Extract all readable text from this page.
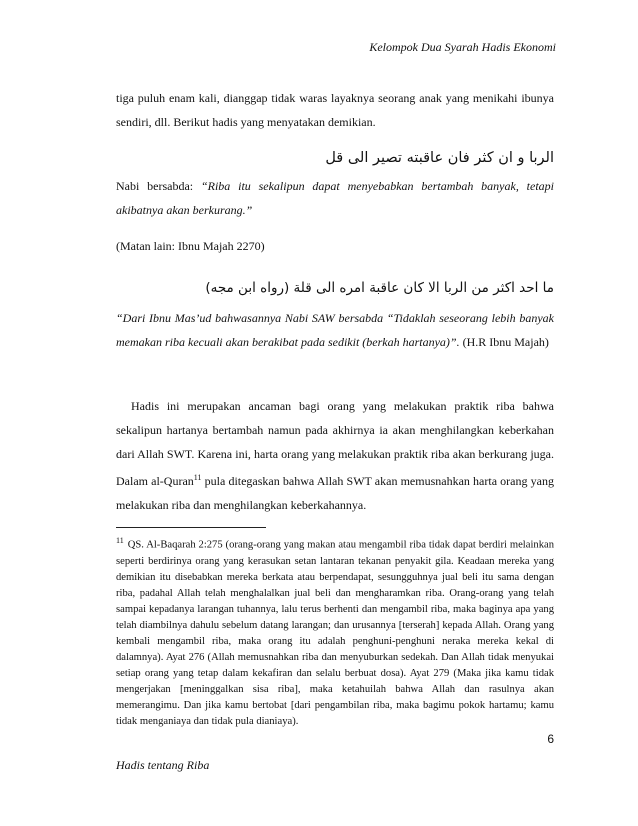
Kelompok Dua Syarah Hadis Ekonomi
tiga puluh enam kali, dianggap tidak waras layaknya seorang anak yang menikahi ibunya sendiri, dll. Berikut hadis yang menyatakan demikian.
الربا و ان كثر فان عاقبته تصير الى قل
Nabi bersabda: “Riba itu sekalipun dapat menyebabkan bertambah banyak, tetapi akibatnya akan berkurang.”
(Matan lain: Ibnu Majah 2270)
ما احد اكثر من الربا الا كان عاقبة امره الى قلة (رواه ابن مجه)
“Dari Ibnu Mas’ud bahwasannya Nabi SAW bersabda “Tidaklah seseorang lebih banyak memakan riba kecuali akan berakibat pada sedikit (berkah hartanya)”. (H.R Ibnu Majah)
Hadis ini merupakan ancaman bagi orang yang melakukan praktik riba bahwa sekalipun hartanya bertambah namun pada akhirnya ia akan menghilangkan keberkahan dari Allah SWT. Karena ini, harta orang yang melakukan praktik riba akan berkurang juga. Dalam al-Quran$^{11}$ pula ditegaskan bahwa Allah SWT akan memusnahkan harta orang yang melakukan riba dan menghilangkan keberkahannya.
$^{11}$ QS. Al-Baqarah 2:275 (orang-orang yang makan atau mengambil riba tidak dapat berdiri melainkan seperti berdirinya orang yang kerasukan setan lantaran tekanan penyakit gila. Keadaan mereka yang demikian itu disebabkan mereka berkata atau berpendapat, sesungguhnya jual beli itu sama dengan riba, padahal Allah telah menghalalkan jual beli dan mengharamkan riba. Orang-orang yang telah sampai kepadanya larangan tuhannya, lalu terus berhenti dan mengambil riba, maka baginya apa yang telah diambilnya dahulu sebelum datang larangan; dan urusannya [terserah] kepada Allah. Orang yang kembali mengambil riba, maka orang itu adalah penghuni-penghuni neraka mereka kekal di dalamnya). Ayat 276 (Allah memusnahkan riba dan menyuburkan sedekah. Dan Allah tidak menyukai setiap orang yang tetap dalam kekafiran dan selalu berbuat dosa). Ayat 279 (Maka jika kamu tidak mengerjakan [meninggalkan sisa riba], maka ketahuilah bahwa Allah dan rasulnya akan memerangimu. Dan jika kamu bertobat [dari pengambilan riba, maka bagimu pokok hartamu; kamu tidak menganiaya dan tidak pula dianiaya).
6
Hadis tentang Riba
